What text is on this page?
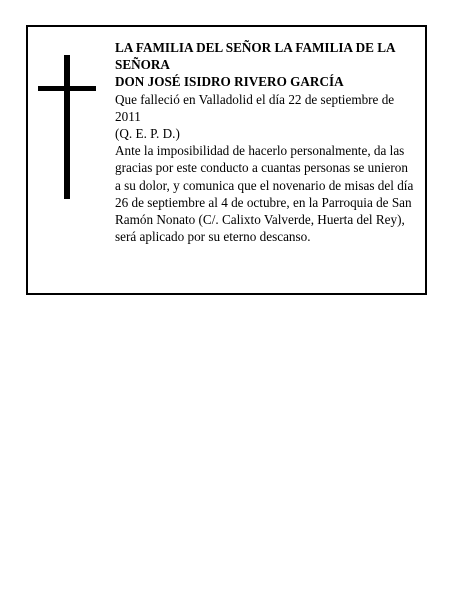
LA FAMILIA DEL SEÑOR LA FAMILIA DE LA SEÑORA

DON JOSÉ ISIDRO RIVERO GARCÍA

Que falleció en Valladolid el día 22 de septiembre de 2011

(Q. E. P. D.)

Ante la imposibilidad de hacerlo personalmente, da las gracias por este conducto a cuantas personas se unieron a su dolor, y comunica que el novenario de misas del día 26 de septiembre al 4 de octubre, en la Parroquia de San Ramón Nonato (C/. Calixto Valverde, Huerta del Rey), será aplicado por su eterno descanso.
